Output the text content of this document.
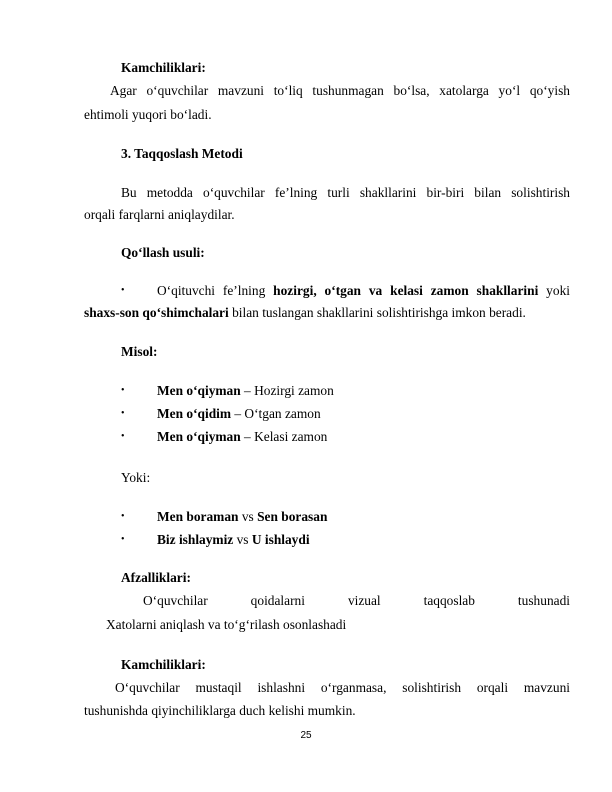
Kamchiliklari:

Agar o‘quvchilar mavzuni to‘liq tushunmagan bo‘lsa, xatolarga yo‘l qo‘yish

ehtimoli yuqori bo‘ladi.

3. Taqqoslash Metodi

Bu metodda o‘quvchilar fe’lning turli shakllarini bir-biri bilan solishtirish

orqali farqlarni aniqlaydilar.

Qo‘llash usuli:

• O‘qituvchi fe’lning hozirgi, o‘tgan va kelasi zamon shakllarini yoki

shaxs-son qo‘shimchalari bilan tuslangan shakllarini solishtirishga imkon beradi.

Misol:

• Men o‘qiyman – Hozirgi zamon
• Men o‘qidim – O‘tgan zamon
• Men o‘qiyman – Kelasi zamon

Yoki:

• Men boraman vs Sen borasan
• Biz ishlaymiz vs U ishlaydi

Afzalliklari:

O‘quvchilar	qoidalarni	vizual	taqqoslab	tushunadi

Xatolarni aniqlash va to‘g‘rilash osonlashadi

Kamchiliklari:

O‘quvchilar mustaqil ishlashni o‘rganmasa, solishtirish orqali mavzuni

tushunishda qiyinchiliklarga duch kelishi mumkin.

25
